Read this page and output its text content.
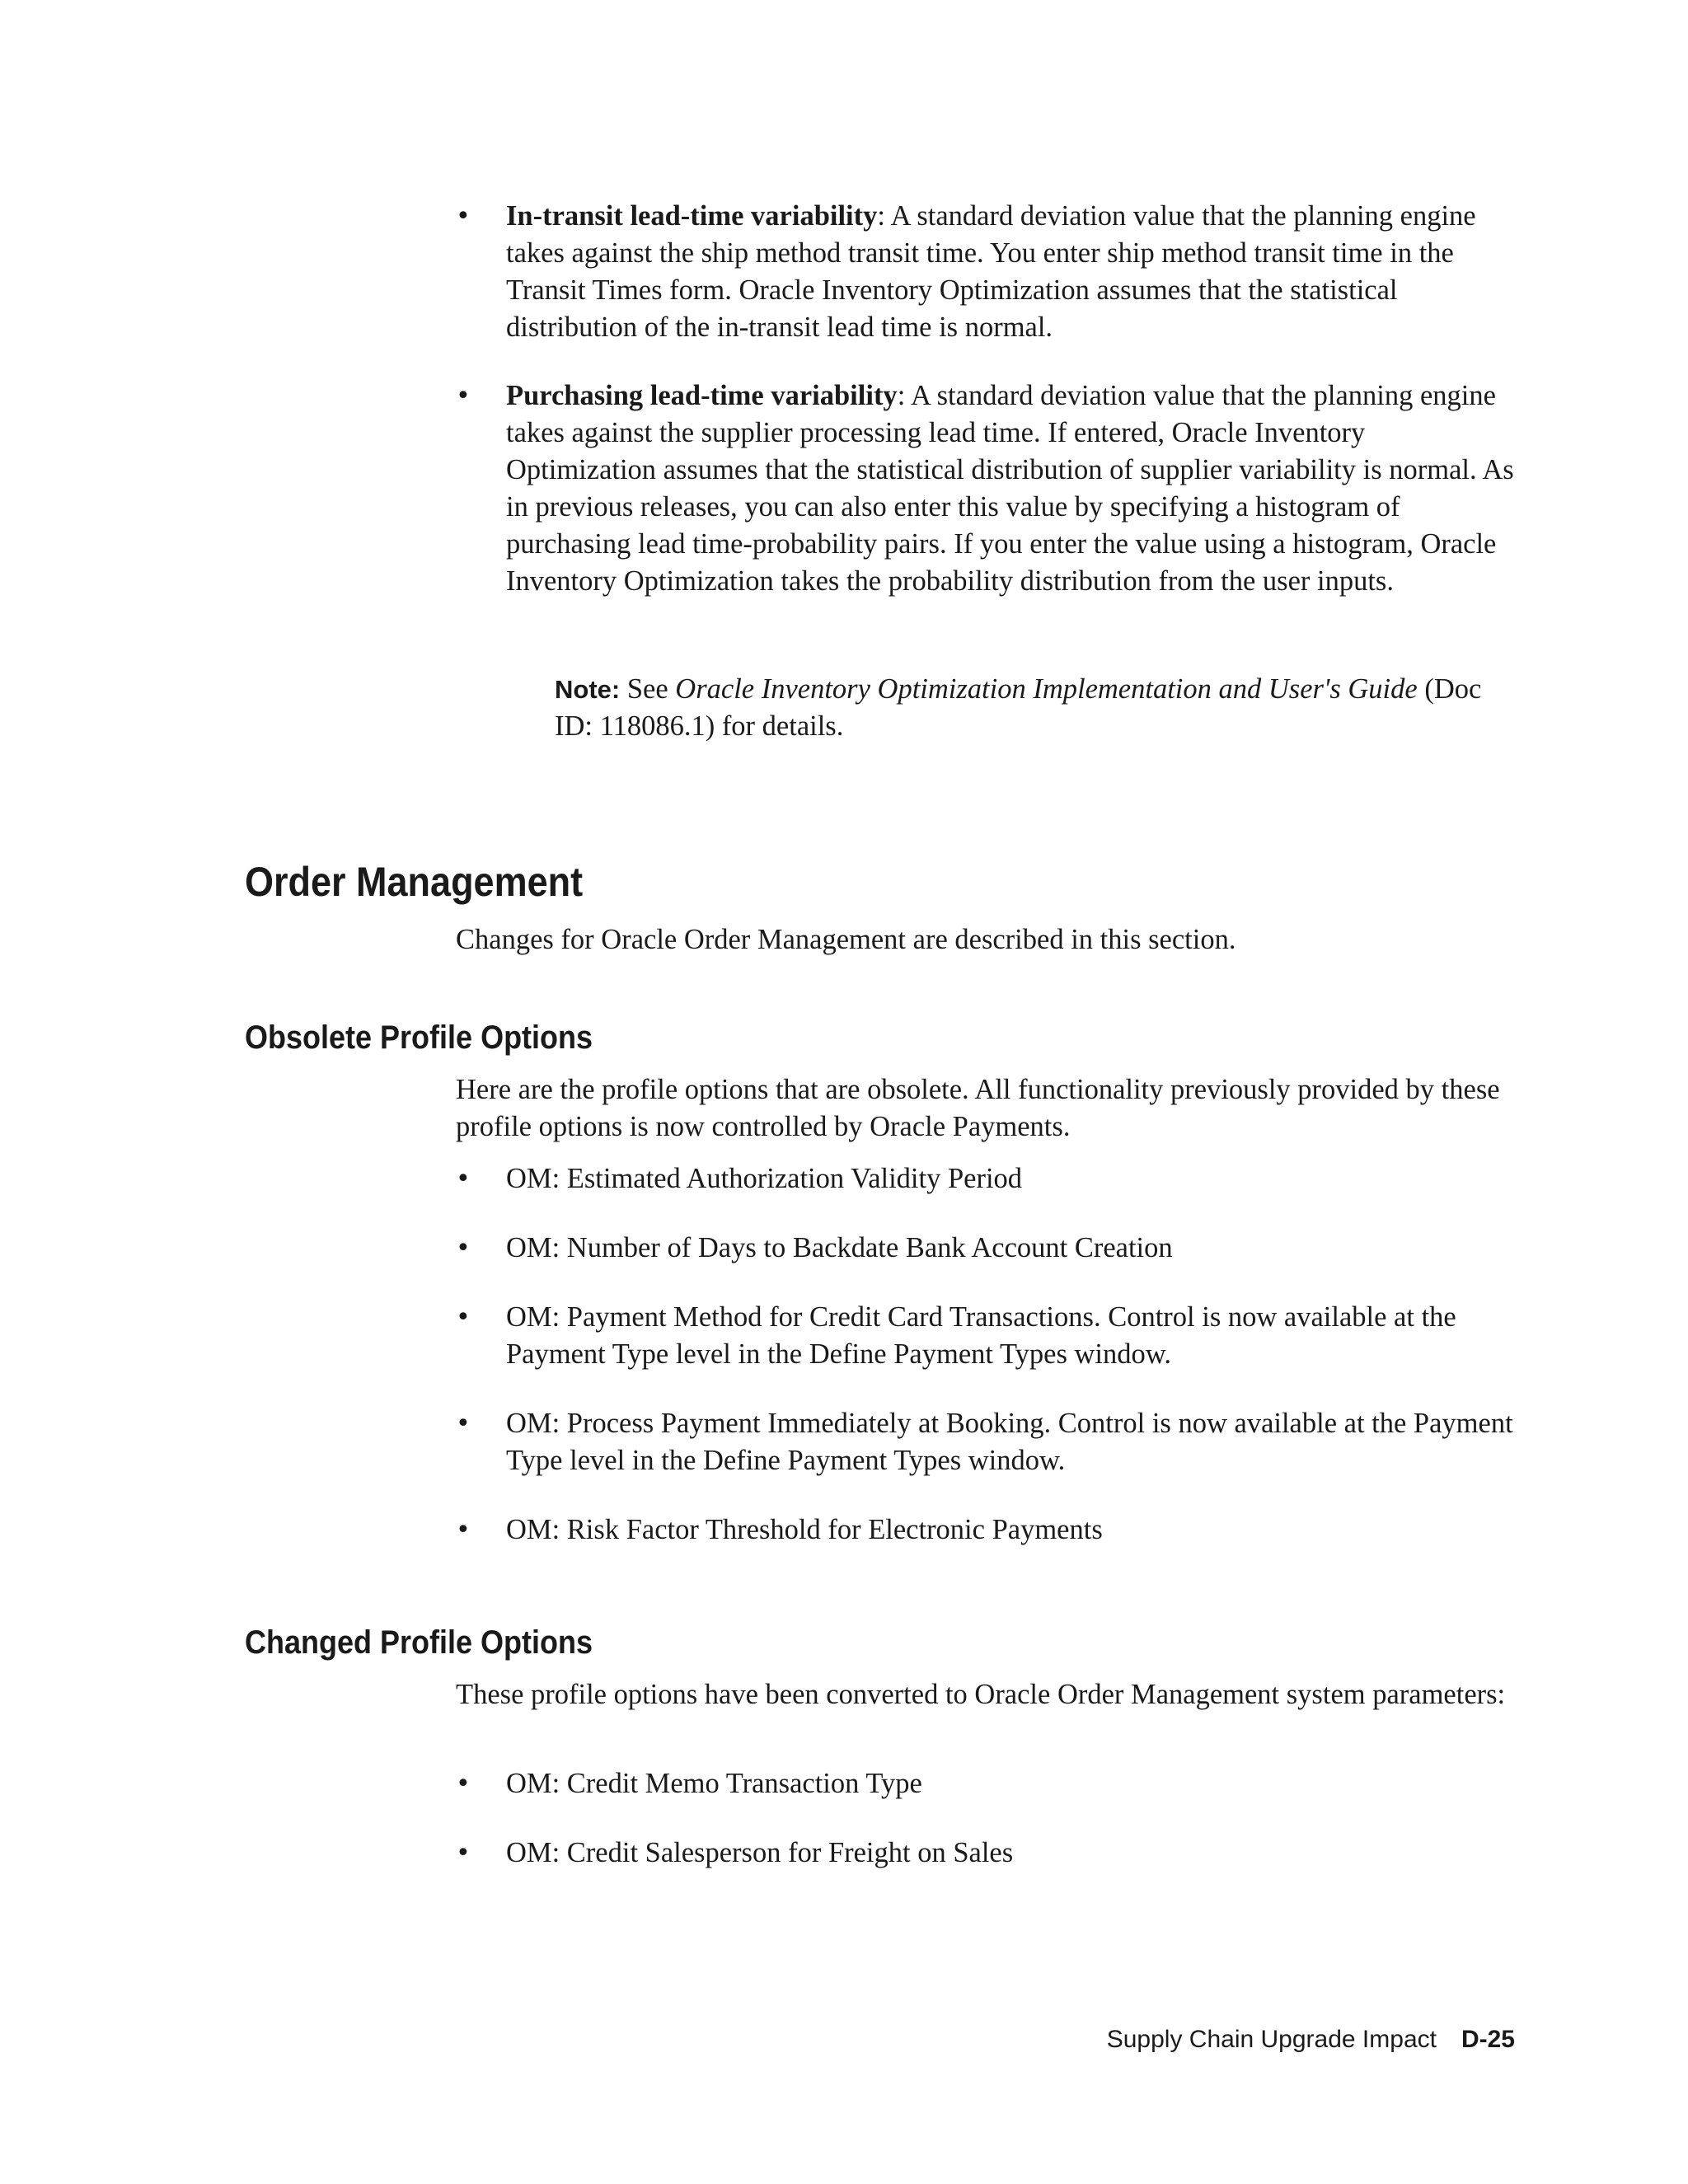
•	In-transit lead-time variability: A standard deviation value that the planning engine takes against the ship method transit time. You enter ship method transit time in the Transit Times form. Oracle Inventory Optimization assumes that the statistical distribution of the in-transit lead time is normal.
•	Purchasing lead-time variability: A standard deviation value that the planning engine takes against the supplier processing lead time. If entered, Oracle Inventory Optimization assumes that the statistical distribution of supplier variability is normal. As in previous releases, you can also enter this value by specifying a histogram of purchasing lead time-probability pairs. If you enter the value using a histogram, Oracle Inventory Optimization takes the probability distribution from the user inputs.
Note: See Oracle Inventory Optimization Implementation and User's Guide (Doc ID: 118086.1) for details.
Order Management
Changes for Oracle Order Management are described in this section.
Obsolete Profile Options
Here are the profile options that are obsolete. All functionality previously provided by these profile options is now controlled by Oracle Payments.
•	OM: Estimated Authorization Validity Period
•	OM: Number of Days to Backdate Bank Account Creation
•	OM: Payment Method for Credit Card Transactions. Control is now available at the Payment Type level in the Define Payment Types window.
•	OM: Process Payment Immediately at Booking. Control is now available at the Payment Type level in the Define Payment Types window.
•	OM: Risk Factor Threshold for Electronic Payments
Changed Profile Options
These profile options have been converted to Oracle Order Management system parameters:
•	OM: Credit Memo Transaction Type
•	OM: Credit Salesperson for Freight on Sales
Supply Chain Upgrade Impact D-25
